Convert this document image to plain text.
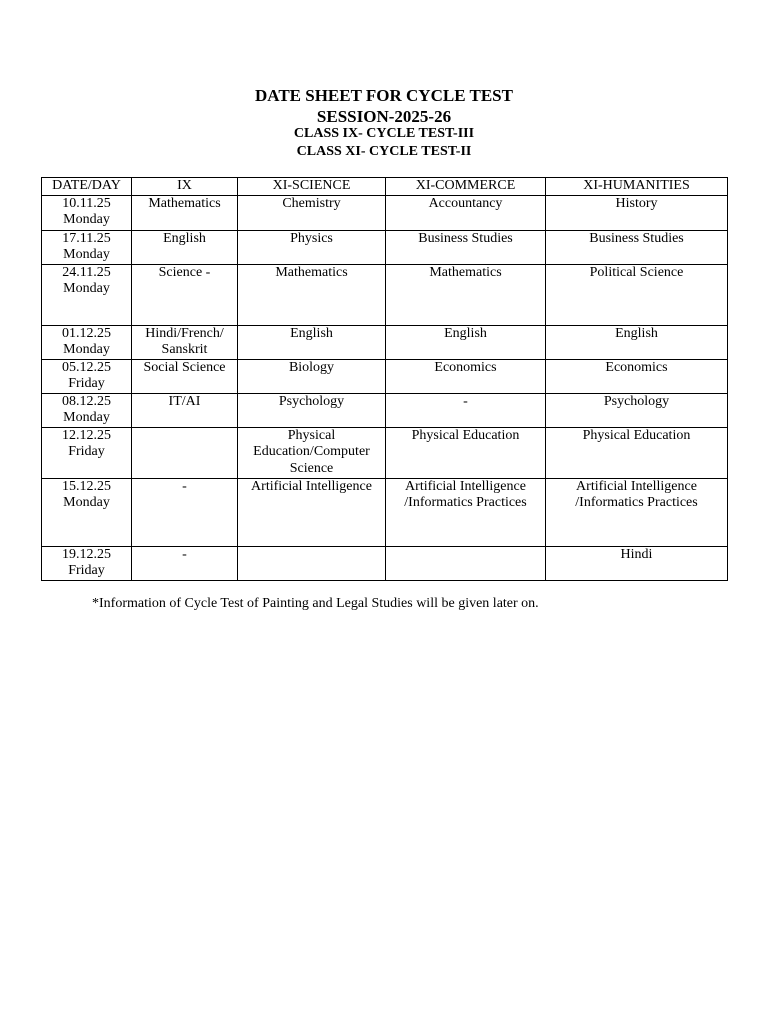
DATE SHEET FOR CYCLE TEST
SESSION-2025-26
CLASS IX- CYCLE TEST-III
CLASS XI- CYCLE TEST-II
DATE/DAY	IX	XI-SCIENCE	XI-COMMERCE	XI-HUMANITIES

10.11.25
Monday	Mathematics	Chemistry	Accountancy	History

17.11.25
Monday	English	Physics	Business Studies	Business Studies

24.11.25
Monday	Science -	Mathematics	Mathematics	Political Science

01.12.25
Monday	Hindi/French/ Sanskrit	English	English	English

05.12.25
Friday	Social Science	Biology	Economics	Economics

08.12.25
Monday	IT/AI	Psychology	-	Psychology

12.12.25
Friday		Physical Education/Computer Science	Physical Education	Physical Education

15.12.25
Monday	-	Artificial Intelligence	Artificial Intelligence /Informatics Practices	Artificial Intelligence /Informatics Practices

19.12.25
Friday	-			Hindi
*Information of Cycle Test of Painting and Legal Studies will be given later on.
